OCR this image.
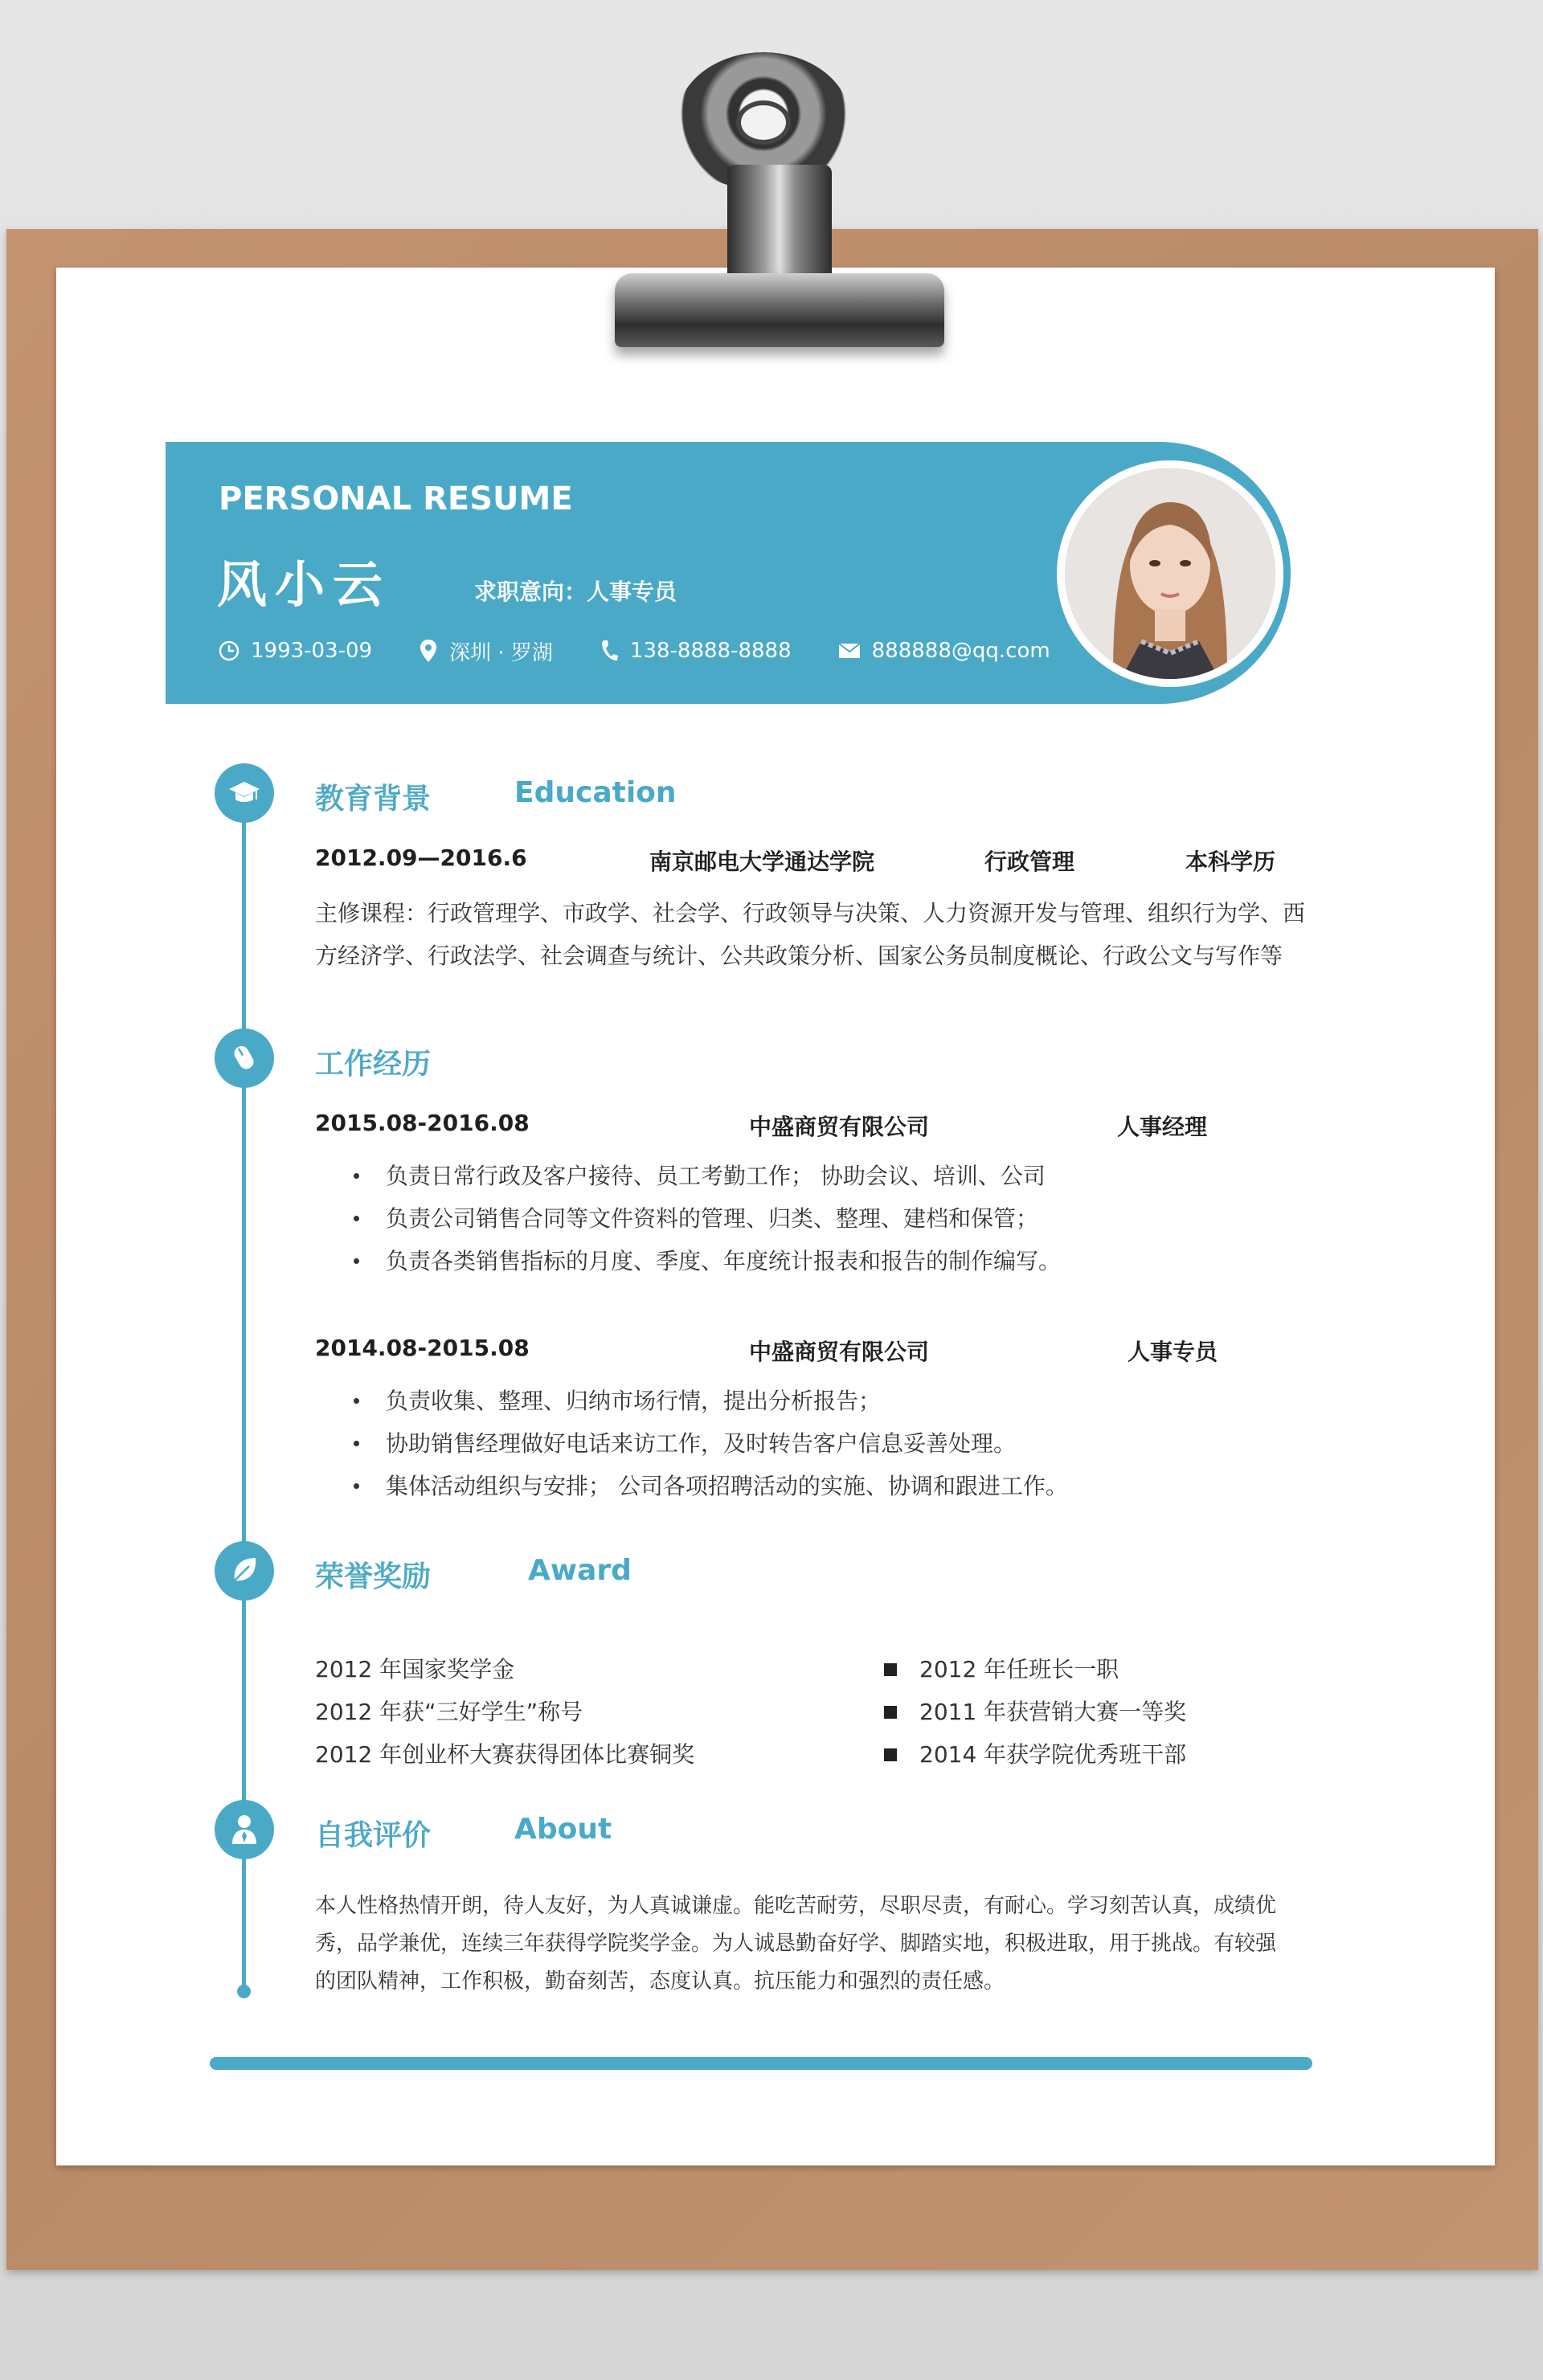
PERSONAL RESUME
风小云	求职意向：人事专员
1993-03-09	深圳 · 罗湖	138-8888-8888	888888@qq.com
教育背景	Education
2012.09—2016.6	南京邮电大学通达学院	行政管理	本科学历
主修课程：行政管理学、市政学、社会学、行政领导与决策、人力资源开发与管理、组织行为学、西
方经济学、行政法学、社会调查与统计、公共政策分析、国家公务员制度概论、行政公文与写作等
工作经历
2015.08-2016.08	中盛商贸有限公司	人事经理
负责日常行政及客户接待、员工考勤工作； 协助会议、培训、公司
负责公司销售合同等文件资料的管理、归类、整理、建档和保管；
负责各类销售指标的月度、季度、年度统计报表和报告的制作编写。
2014.08-2015.08	中盛商贸有限公司	人事专员
负责收集、整理、归纳市场行情，提出分析报告；
协助销售经理做好电话来访工作，及时转告客户信息妥善处理。
集体活动组织与安排； 公司各项招聘活动的实施、协调和跟进工作。
荣誉奖励	Award
2012 年国家奖学金
2012 年获“三好学生”称号
2012 年创业杯大赛获得团体比赛铜奖
2012 年任班长一职
2011 年获营销大赛一等奖
2014 年获学院优秀班干部
自我评价	About
本人性格热情开朗，待人友好，为人真诚谦虚。能吃苦耐劳，尽职尽责，有耐心。学习刻苦认真，成绩优
秀，品学兼优，连续三年获得学院奖学金。为人诚恳勤奋好学、脚踏实地，积极进取，用于挑战。有较强
的团队精神，工作积极，勤奋刻苦，态度认真。抗压能力和强烈的责任感。
